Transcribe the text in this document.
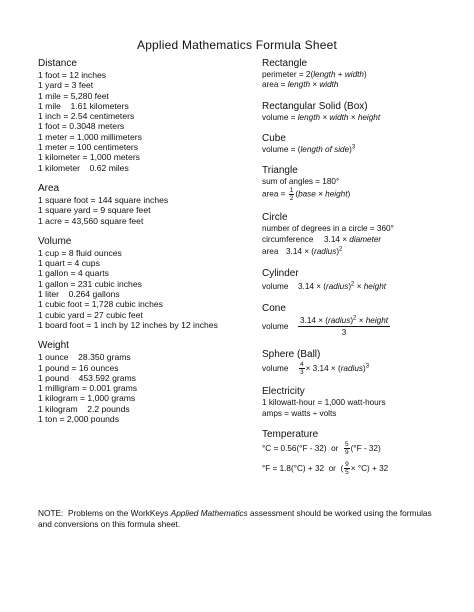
Applied Mathematics Formula Sheet
Distance
1 foot = 12 inches
1 yard = 3 feet
1 mile = 5,280 feet
1 mile    1.61 kilometers
1 inch = 2.54 centimeters
1 foot = 0.3048 meters
1 meter = 1,000 millimeters
1 meter = 100 centimeters
1 kilometer = 1,000 meters
1 kilometer    0.62 miles
Area
1 square foot = 144 square inches
1 square yard = 9 square feet
1 acre = 43,560 square feet
Volume
1 cup = 8 fluid ounces
1 quart = 4 cups
1 gallon = 4 quarts
1 gallon = 231 cubic inches
1 liter    0.264 gallons
1 cubic foot = 1,728 cubic inches
1 cubic yard = 27 cubic feet
1 board foot = 1 inch by 12 inches by 12 inches
Weight
1 ounce    28.350 grams
1 pound = 16 ounces
1 pound    453.592 grams
1 milligram = 0.001 grams
1 kilogram = 1,000 grams
1 kilogram    2.2 pounds
1 ton = 2,000 pounds
Rectangle
perimeter = 2(length + width)
area = length × width
Rectangular Solid (Box)
volume = length × width × height
Cube
volume = (length of side)$^3$
Triangle
sum of angles = 180°
area = $\frac{1}{2}$ (base × height)
Circle
number of degrees in a circle = 360°
circumference 3.14 × diameter
area 3.14 × (radius)$^2$
Cylinder
volume 3.14 × (radius)$^2$ × height
Cone
volume $\frac{3.14 \times (radius)^2 \times height}{3}$
Sphere (Ball)
volume $\frac{4}{3} \times 3.14$ × (radius)$^3$
Electricity
1 kilowatt-hour = 1,000 watt-hours
amps = watts ÷ volts
Temperature
°C = 0.56(°F - 32)  or $\frac{5}{9} (^\circ F - 32)$
°F = 1.8(°C) + 32  or  ( $\frac{9}{5} \times ^\circ C) + 32$
NOTE:  Problems on the WorkKeys Applied Mathematics assessment should be worked using the formulas and conversions on this formula sheet.
